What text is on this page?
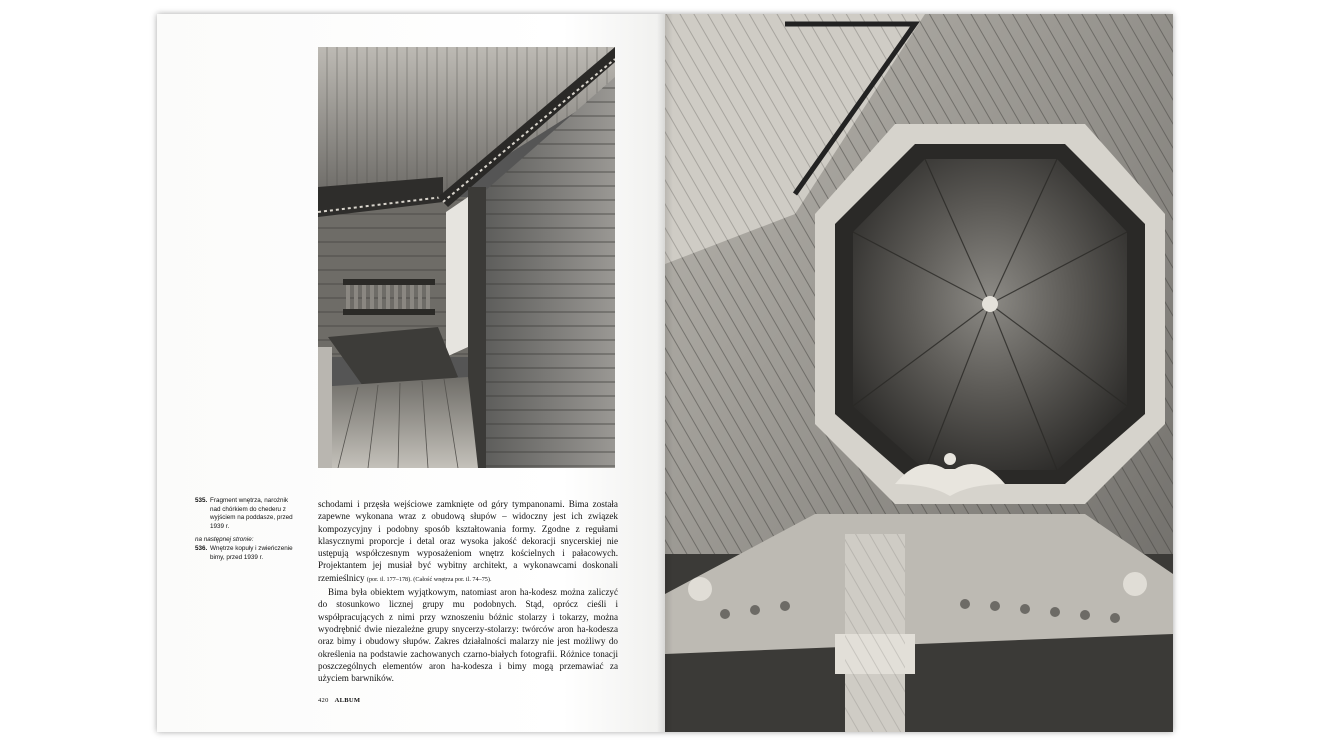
535. Fragment wnętrza, narożnik nad chórkiem do chederu z wyjściem na poddasze, przed 1939 r.
na następnej stronie:
536. Wnętrze kopuły i zwieńczenie bimy, przed 1939 r.

schodami i przęsła wejściowe zamknięte od góry tympanonami. Bima została zapewne wykonana wraz z obudową słupów – widoczny jest ich związek kompozycyjny i podobny sposób kształtowania formy. Zgodne z regułami klasycznymi proporcje i detal oraz wysoka jakość dekoracji snycerskiej nie ustępują współczesnym wyposażeniom wnętrz kościelnych i pałacowych. Projektantem jej musiał być wybitny architekt, a wykonawcami doskonali rzemieślnicy (por. il. 177–178). (Całość wnętrza por. il. 74–75).

Bima była obiektem wyjątkowym, natomiast aron ha-kodesz można zaliczyć do stosunkowo licznej grupy mu podobnych. Stąd, oprócz cieśli i współpracujących z nimi przy wznoszeniu bóżnic stolarzy i tokarzy, można wyodrębnić dwie niezależne grupy snycerzy-stolarzy: twórców aron ha-kodesza oraz bimy i obudowy słupów. Zakres działalności malarzy nie jest możliwy do określenia na podstawie zachowanych czarno-białych fotografii. Różnice tonacji poszczególnych elementów aron ha-kodesza i bimy mogą przemawiać za użyciem barwników.

420 ALBUM
